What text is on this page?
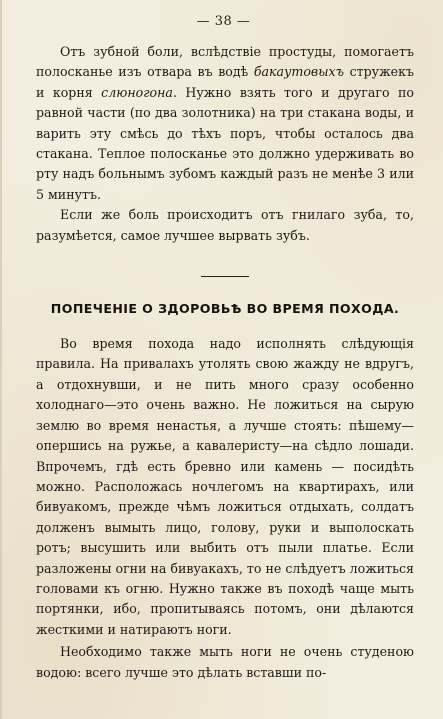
— 38 —

Отъ зубной боли, вслѣдствіе простуды, помогаетъ полосканье изъ отвара въ водѣ бакаутовыхъ стружекъ и корня слюногона. Нужно взять того и другаго по равной части (по два золотника) на три стакана воды, и варить эту смѣсь до тѣхъ поръ, чтобы осталось два стакана. Теплое полосканье это должно удерживать во рту надъ больнымъ зубомъ каждый разъ не менѣе 3 или 5 минутъ.

Если же боль происходитъ отъ гнилаго зуба, то, разумѣется, самое лучшее вырвать зубъ.

ПОПЕЧЕНІЕ О ЗДОРОВЬѢ ВО ВРЕМЯ ПОХОДА.

Во время похода надо исполнять слѣдующія правила. На привалахъ утолять свою жажду не вдругъ, а отдохнувши, и не пить много сразу особенно холоднаго—это очень важно. Не ложиться на сырую землю во время ненастья, а лучше стоять: пѣшему—опершись на ружье, а кавалеристу—на сѣдло лошади. Впрочемъ, гдѣ есть бревно или камень — посидѣть можно. Расположась ночлегомъ на квартирахъ, или бивуакомъ, прежде чѣмъ ложиться отдыхать, солдатъ долженъ вымыть лицо, голову, руки и выполоскать ротъ; высушить или выбить отъ пыли платье. Если разложены огни на бивуакахъ, то не слѣдуетъ ложиться головами къ огню. Нужно также въ походѣ чаще мыть портянки, ибо, пропитываясь потомъ, они дѣлаются жесткими и натираютъ ноги.

Необходимо также мыть ноги не очень студеною водою: всего лучше это дѣлать вставши по-
